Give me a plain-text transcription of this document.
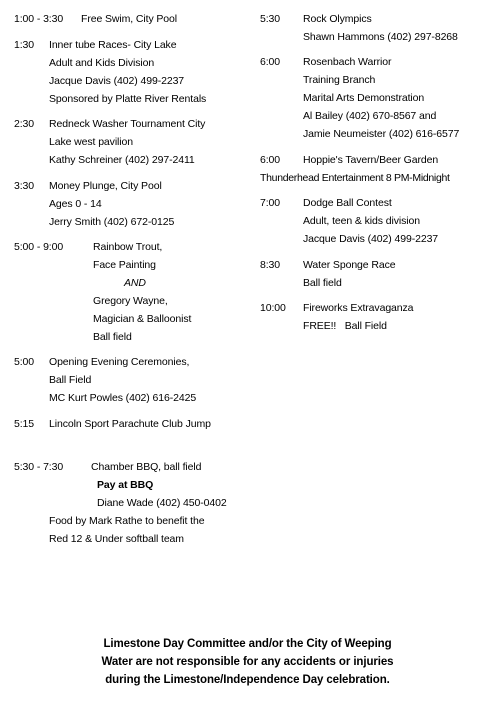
1:00 - 3:30 Free Swim, City Pool
1:30 Inner tube Races- City Lake
Adult and Kids Division
Jacque Davis (402) 499-2237
Sponsored by Platte River Rentals
2:30 Redneck Washer Tournament City
Lake west pavilion
Kathy Schreiner (402) 297-2411
3:30 Money Plunge, City Pool
Ages 0 - 14
Jerry Smith (402) 672-0125
5:00 - 9:00	Rainbow Trout,
Face Painting
AND
Gregory Wayne,
Magician & Balloonist
Ball field
5:00 Opening Evening Ceremonies,
Ball Field
MC Kurt Powles (402) 616-2425
5:15 Lincoln Sport Parachute Club Jump
5:30 - 7:30	Chamber BBQ, ball field
Pay at BBQ
Diane Wade (402) 450-0402
Food by Mark Rathe to benefit the
Red 12 & Under softball team
5:30 Rock Olympics
Shawn Hammons (402) 297-8268
6:00 Rosenbach Warrior
Training Branch
Marital Arts Demonstration
Al Bailey (402) 670-8567 and
Jamie Neumeister (402) 616-6577
6:00 Hoppie's Tavern/Beer Garden
Thunderhead Entertainment 8 PM-Midnight
7:00 Dodge Ball Contest
Adult, teen & kids division
Jacque Davis (402) 499-2237
8:30 Water Sponge Race
Ball field
10:00 Fireworks Extravaganza
FREE!!   Ball Field
Limestone Day Committee and/or the City of Weeping
Water are not responsible for any accidents or injuries
during the Limestone/Independence Day celebration.
